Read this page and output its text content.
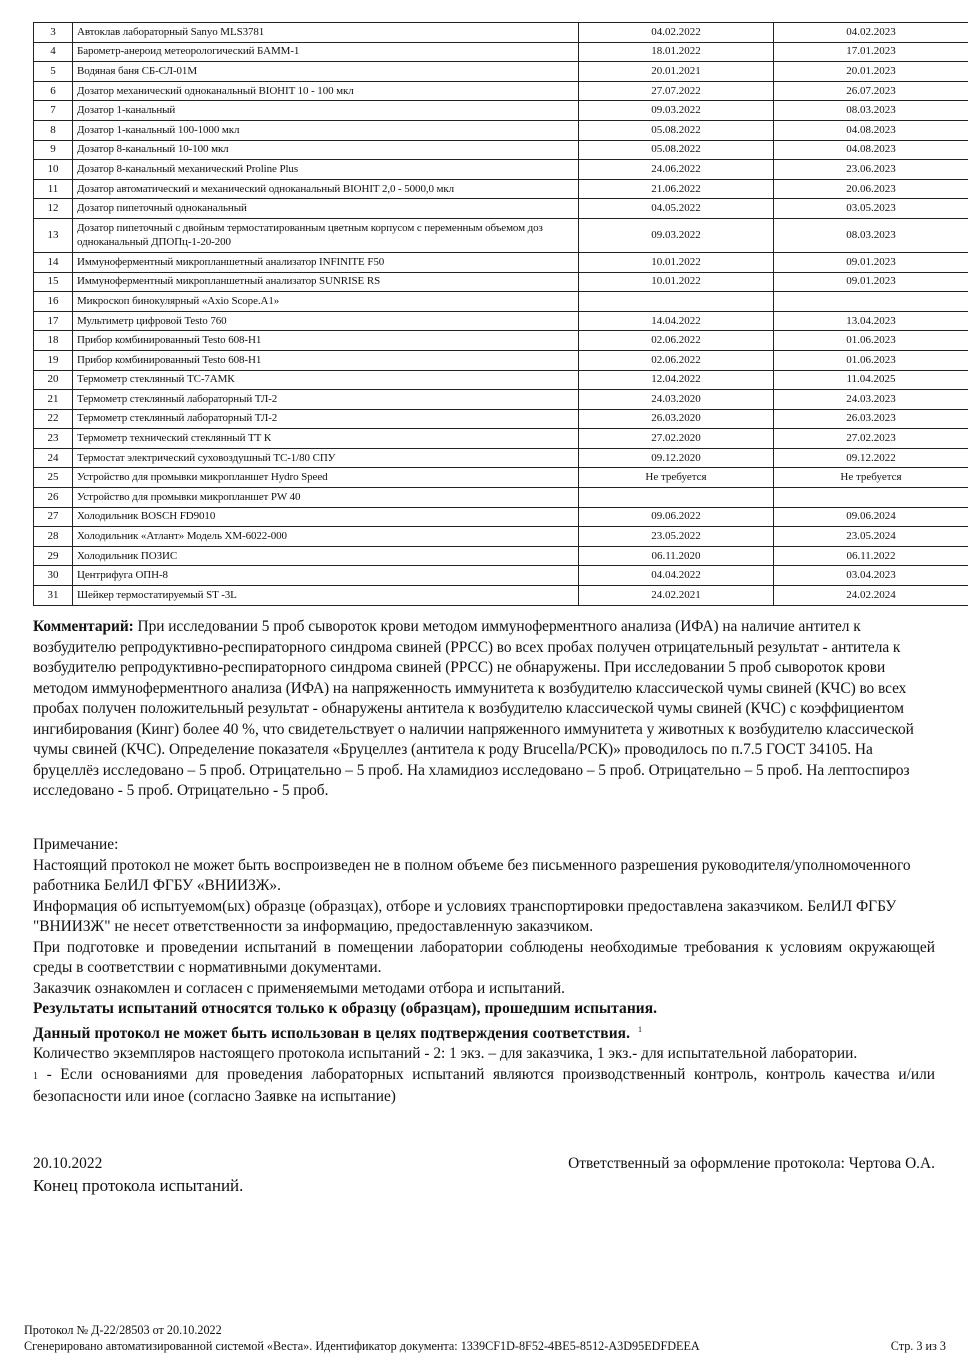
3	Автоклав лабораторный Sanyo MLS3781	04.02.2022	04.02.2023
4	Барометр-анероид метеорологический БАММ-1	18.01.2022	17.01.2023
5	Водяная баня СБ-СЛ-01М	20.01.2021	20.01.2023
6	Дозатор механический одноканальный BIOHIT 10 - 100 мкл	27.07.2022	26.07.2023
7	Дозатор 1-канальный	09.03.2022	08.03.2023
8	Дозатор 1-канальный 100-1000 мкл	05.08.2022	04.08.2023
9	Дозатор 8-канальный 10-100 мкл	05.08.2022	04.08.2023
10	Дозатор 8-канальный механический Proline Plus	24.06.2022	23.06.2023
11	Дозатор автоматический и механический одноканальный BIOHIT 2,0 - 5000,0 мкл	21.06.2022	20.06.2023
12	Дозатор пипеточный одноканальный	04.05.2022	03.05.2023
13	Дозатор пипеточный с двойным термостатированным цветным корпусом с переменным объемом доз одноканальный ДПОПц-1-20-200	09.03.2022	08.03.2023
14	Иммуноферментный микропланшетный анализатор INFINITE F50	10.01.2022	09.01.2023
15	Иммуноферментный микропланшетный анализатор SUNRISE RS	10.01.2022	09.01.2023
16	Микроскоп бинокулярный «Axio Scope.A1»		
17	Мультиметр цифровой Testo 760	14.04.2022	13.04.2023
18	Прибор комбинированный Testo 608-H1	02.06.2022	01.06.2023
19	Прибор комбинированный Testo 608-H1	02.06.2022	01.06.2023
20	Термометр стеклянный ТС-7АМК	12.04.2022	11.04.2025
21	Термометр стеклянный лабораторный ТЛ-2	24.03.2020	24.03.2023
22	Термометр стеклянный лабораторный ТЛ-2	26.03.2020	26.03.2023
23	Термометр технический стеклянный ТТ К	27.02.2020	27.02.2023
24	Термостат электрический суховоздушный ТС-1/80 СПУ	09.12.2020	09.12.2022
25	Устройство для промывки микропланшет Hydro Speed	Не требуется	Не требуется
26	Устройство для промывки микропланшет PW 40		
27	Холодильник BOSCH FD9010	09.06.2022	09.06.2024
28	Холодильник «Атлант» Модель ХМ-6022-000	23.05.2022	23.05.2024
29	Холодильник ПОЗИС	06.11.2020	06.11.2022
30	Центрифуга ОПН-8	04.04.2022	03.04.2023
31	Шейкер термостатируемый ST -3L	24.02.2021	24.02.2024
Комментарий: При исследовании 5 проб сывороток крови методом иммуноферментного анализа (ИФА) на наличие антител к возбудителю репродуктивно-респираторного синдрома свиней (РРСС) во всех пробах получен отрицательный результат - антитела к возбудителю репродуктивно-респираторного синдрома свиней (РРСС) не обнаружены. При исследовании 5 проб сывороток крови методом иммуноферментного анализа (ИФА) на напряженность иммунитета к возбудителю классической чумы свиней (КЧС) во всех пробах получен положительный результат - обнаружены антитела к возбудителю классической чумы свиней (КЧС) с коэффициентом ингибирования (Кинг) более 40 %, что свидетельствует о наличии напряженного иммунитета у животных к возбудителю классической чумы свиней (КЧС). Определение показателя «Бруцеллез (антитела к роду Brucella/РСК)» проводилось по п.7.5 ГОСТ 34105. На бруцеллёз исследовано – 5 проб. Отрицательно – 5 проб. На хламидиоз исследовано – 5 проб. Отрицательно – 5 проб. На лептоспироз исследовано - 5 проб. Отрицательно - 5 проб.

Примечание:

Настоящий протокол не может быть воспроизведен не в полном объеме без письменного разрешения руководителя/уполномоченного работника БелИЛ ФГБУ «ВНИИЗЖ».

Информация об испытуемом(ых) образце (образцах), отборе и условиях транспортировки предоставлена заказчиком. БелИЛ ФГБУ "ВНИИЗЖ" не несет ответственности за информацию, предоставленную заказчиком.

При подготовке и проведении испытаний в помещении лаборатории соблюдены необходимые требования к условиям окружающей среды в соответствии с нормативными документами.

Заказчик ознакомлен и согласен с применяемыми методами отбора и испытаний.

Результаты испытаний относятся только к образцу (образцам), прошедшим испытания.

Данный протокол не может быть использован в целях подтверждения соответствия. $^1$

Количество экземпляров настоящего протокола испытаний - 2: 1 экз. – для заказчика, 1 экз.- для испытательной лаборатории.

1 - Если основаниями для проведения лабораторных испытаний являются производственный контроль, контроль качества и/или безопасности или иное (согласно Заявке на испытание)

20.10.2022	Ответственный за оформление протокола: Чертова О.А.
Конец протокола испытаний.
Протокол № Д-22/28503 от 20.10.2022
Сгенерировано автоматизированной системой «Веста». Идентификатор документа: 1339CF1D-8F52-4BE5-8512-A3D95EDFDEEA	Стр. 3 из 3
